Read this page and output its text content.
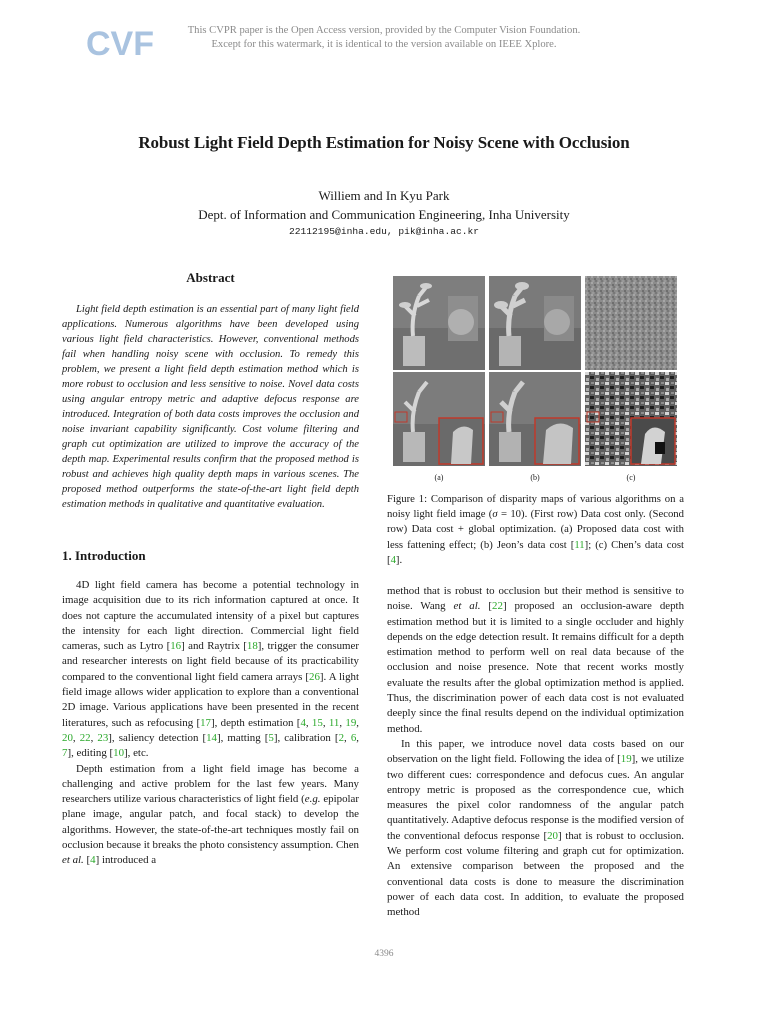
CVF	This CVPR paper is the Open Access version, provided by the Computer Vision Foundation.
Except for this watermark, it is identical to the version available on IEEE Xplore.
Robust Light Field Depth Estimation for Noisy Scene with Occlusion
Williem and In Kyu Park
Dept. of Information and Communication Engineering, Inha University
22112195@inha.edu, pik@inha.ac.kr
Abstract

Light field depth estimation is an essential part of many light field applications. Numerous algorithms have been developed using various light field characteristics. However, conventional methods fail when handling noisy scene with occlusion. To remedy this problem, we present a light field depth estimation method which is more robust to occlusion and less sensitive to noise. Novel data costs using angular entropy metric and adaptive defocus response are introduced. Integration of both data costs improves the occlusion and noise invariant capability significantly. Cost volume filtering and graph cut optimization are utilized to improve the accuracy of the depth map. Experimental results confirm that the proposed method is robust and achieves high quality depth maps in various scenes. The proposed method outperforms the state-of-the-art light field depth estimation methods in qualitative and quantitative evaluation.

1. Introduction

4D light field camera has become a potential technology in image acquisition due to its rich information captured at once. It does not capture the accumulated intensity of a pixel but captures the intensity for each light direction. Commercial light field cameras, such as Lytro [16] and Raytrix [18], trigger the consumer and researcher interests on light field because of its practicability compared to the conventional light field camera arrays [26]. A light field image allows wider application to explore than a conventional 2D image. Various applications have been presented in the recent literatures, such as refocusing [17], depth estimation [4, 15, 11, 19, 20, 22, 23], saliency detection [14], matting [5], calibration [2, 6, 7], editing [10], etc.

Depth estimation from a light field image has become a challenging and active problem for the last few years. Many researchers utilize various characteristics of light field (e.g. epipolar plane image, angular patch, and focal stack) to develop the algorithms. However, the state-of-the-art techniques mostly fail on occlusion because it breaks the photo consistency assumption. Chen et al. [4] introduced a

(a)	(b)	(c)

Figure 1: Comparison of disparity maps of various algorithms on a noisy light field image (σ = 10). (First row) Data cost only. (Second row) Data cost + global optimization. (a) Proposed data cost with less fattening effect; (b) Jeon’s data cost [11]; (c) Chen’s data cost [4].

method that is robust to occlusion but their method is sensitive to noise. Wang et al. [22] proposed an occlusion-aware depth estimation method but it is limited to a single occluder and highly depends on the edge detection result. It remains difficult for a depth estimation method to perform well on real data because of the occlusion and noise presence. Note that recent works mostly evaluate the results after the global optimization method is applied. Thus, the discrimination power of each data cost is not evaluated deeply since the final results depend on the individual optimization method.

In this paper, we introduce novel data costs based on our observation on the light field. Following the idea of [19], we utilize two different cues: correspondence and defocus cues. An angular entropy metric is proposed as the correspondence cue, which measures the pixel color randomness of the angular patch quantitatively. Adaptive defocus response is the modified version of the conventional defocus response [20] that is robust to occlusion. We perform cost volume filtering and graph cut for optimization. An extensive comparison between the proposed and the conventional data costs is done to measure the discrimination power of each data cost. In addition, to evaluate the proposed method

4396
